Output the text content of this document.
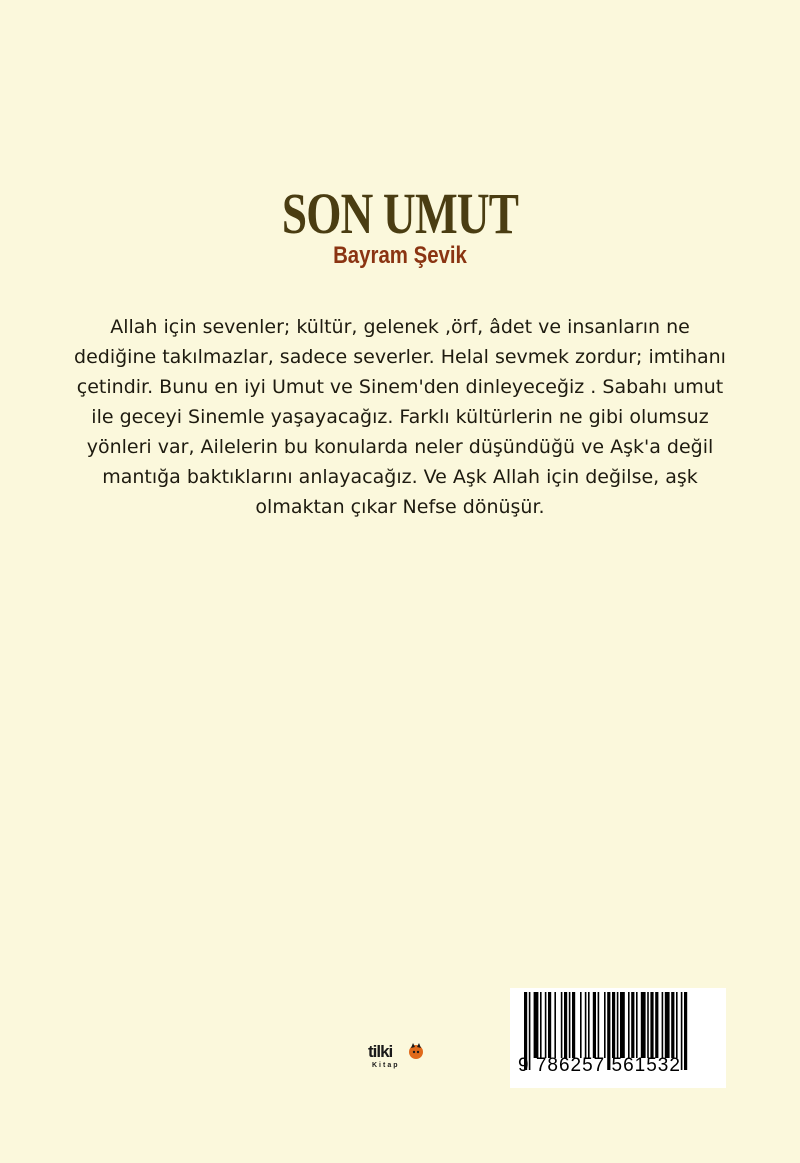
SON UMUT
Bayram Şevik

Allah için sevenler; kültür, gelenek ,örf, âdet ve insanların ne dediğine takılmazlar, sadece severler. Helal sevmek zordur; imtihanı çetindir. Bunu en iyi Umut ve Sinem'den dinleyeceğiz . Sabahı umut ile geceyi Sinemle yaşayacağız. Farklı kültürlerin ne gibi olumsuz yönleri var, Ailelerin bu konularda neler düşündüğü ve Aşk'a değil mantığa baktıklarını anlayacağız. Ve Aşk Allah için değilse, aşk olmaktan çıkar Nefse dönüşür.

tilki
Kitap	9 786257 561532
